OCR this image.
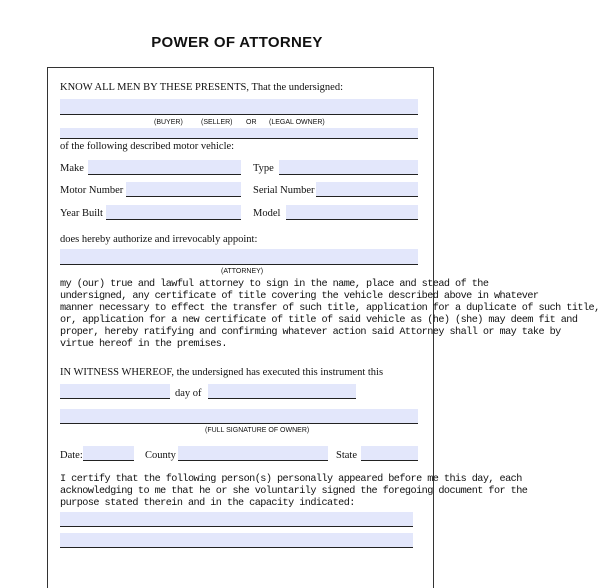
POWER OF ATTORNEY
KNOW ALL MEN BY THESE PRESENTS, That the undersigned:
(BUYER)	(SELLER) OR (LEGAL OWNER)
of the following described motor vehicle:
Make	Type
Motor Number	Serial Number
Year Built	Model
does hereby authorize and irrevocably appoint:
(ATTORNEY)
my (our) true and lawful attorney to sign in the name, place and stead of the
undersigned, any certificate of title covering the vehicle described above in whatever
manner necessary to effect the transfer of such title, application for a duplicate of such title,
or, application for a new certificate of title of said vehicle as (he) (she) may deem fit and
proper, hereby ratifying and confirming whatever action said Attorney shall or may take by
virtue hereof in the premises.
IN WITNESS WHEREOF, the undersigned has executed this instrument this
day of
(FULL SIGNATURE OF OWNER)
Date:	County	State
I certify that the following person(s) personally appeared before me this day, each
acknowledging to me that he or she voluntarily signed the foregoing document for the
purpose stated therein and in the capacity indicated:
